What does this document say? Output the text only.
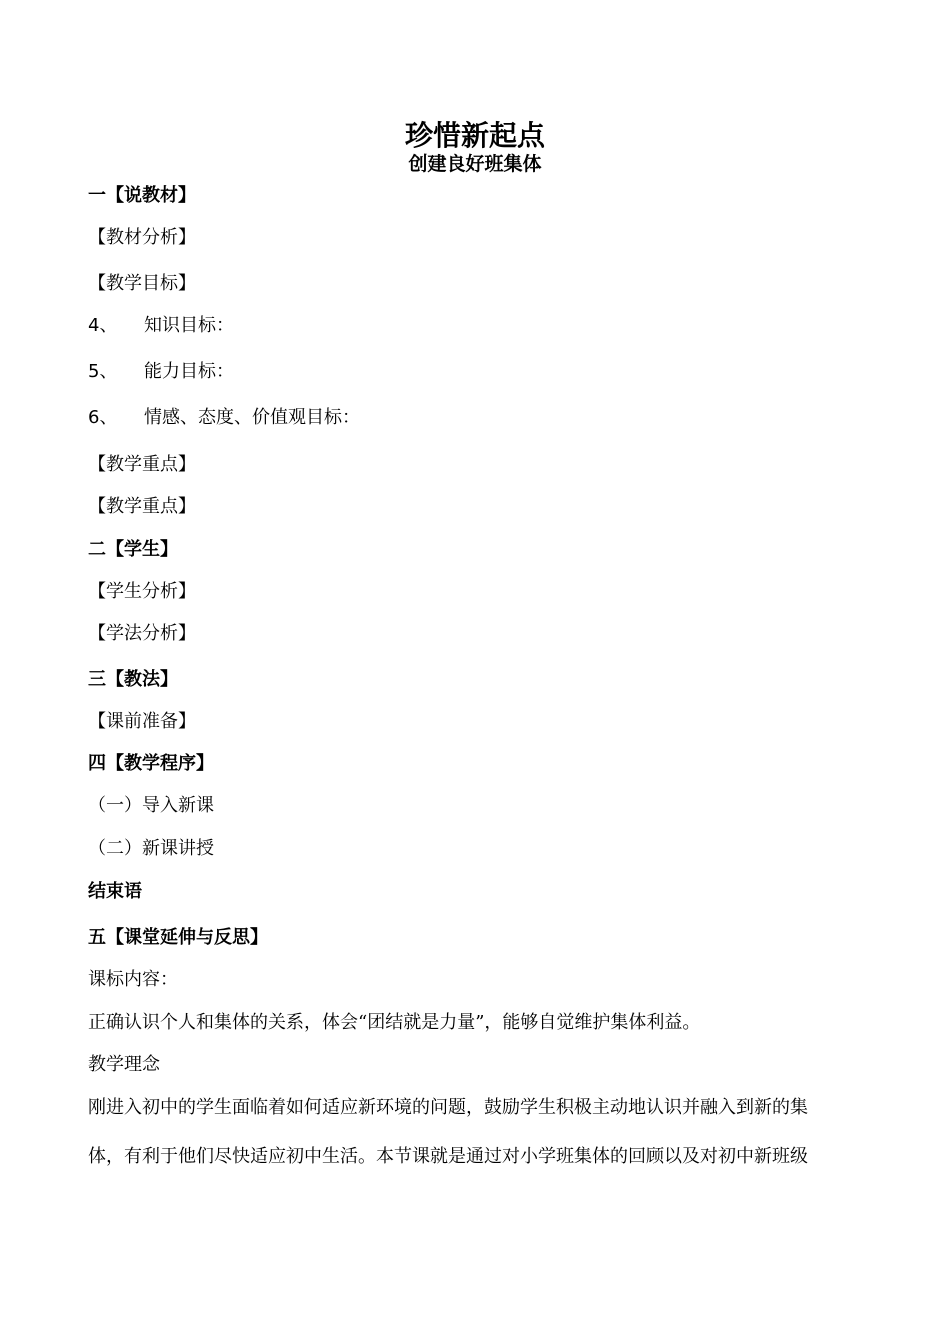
珍惜新起点
创建良好班集体

一【说教材】

【教材分析】

【教学目标】

4、 知识目标：

5、 能力目标：

6、 情感、态度、价值观目标：

【教学重点】

【教学重点】

二【学生】

【学生分析】

【学法分析】

三【教法】

【课前准备】

四【教学程序】

（一）导入新课

（二）新课讲授

结束语

五【课堂延伸与反思】

课标内容：

正确认识个人和集体的关系，体会“团结就是力量”，能够自觉维护集体利益。

教学理念

刚进入初中的学生面临着如何适应新环境的问题，鼓励学生积极主动地认识并融入到新的集

体，有利于他们尽快适应初中生活。本节课就是通过对小学班集体的回顾以及对初中新班级
